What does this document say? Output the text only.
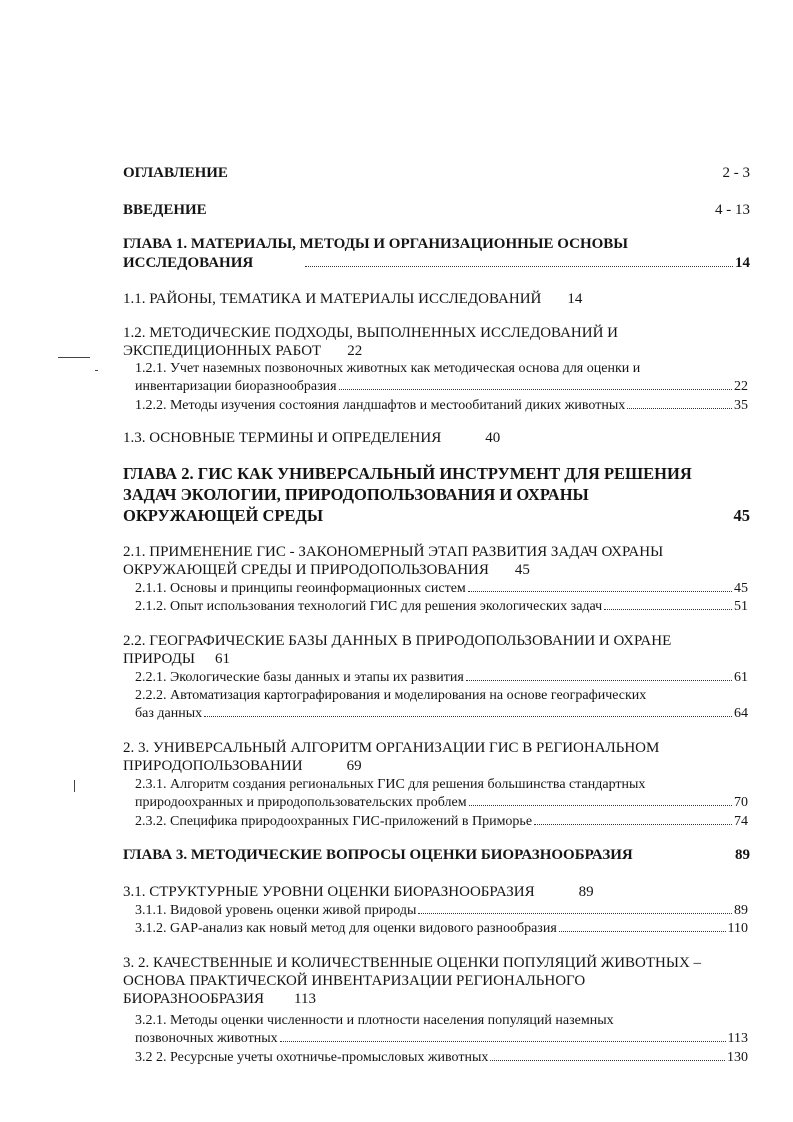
ОГЛАВЛЕНИЕ	2 - 3
ВВЕДЕНИЕ	4 - 13
ГЛАВА 1. МАТЕРИАЛЫ, МЕТОДЫ И ОРГАНИЗАЦИОННЫЕ ОСНОВЫ
ИССЛЕДОВАНИЯ	14
1.1. РАЙОНЫ, ТЕМАТИКА И МАТЕРИАЛЫ ИССЛЕДОВАНИЙ 14
1.2. МЕТОДИЧЕСКИЕ ПОДХОДЫ, ВЫПОЛНЕННЫХ ИССЛЕДОВАНИЙ И
ЭКСПЕДИЦИОННЫХ РАБОТ 22
1.2.1. Учет наземных позвоночных животных как методическая основа для оценки и
инвентаризации биоразнообразия	22
1.2.2. Методы изучения состояния ландшафтов и местообитаний диких животных	35
1.3. ОСНОВНЫЕ ТЕРМИНЫ И ОПРЕДЕЛЕНИЯ	40
ГЛАВА 2. ГИС КАК УНИВЕРСАЛЬНЫЙ ИНСТРУМЕНТ ДЛЯ РЕШЕНИЯ
ЗАДАЧ ЭКОЛОГИИ, ПРИРОДОПОЛЬЗОВАНИЯ И ОХРАНЫ
ОКРУЖАЮЩЕЙ СРЕДЫ	45
2.1. ПРИМЕНЕНИЕ ГИС - ЗАКОНОМЕРНЫЙ ЭТАП РАЗВИТИЯ ЗАДАЧ ОХРАНЫ
ОКРУЖАЮЩЕЙ СРЕДЫ И ПРИРОДОПОЛЬЗОВАНИЯ 45
2.1.1. Основы и принципы геоинформационных систем	45
2.1.2. Опыт использования технологий ГИС для решения экологических задач	51
2.2. ГЕОГРАФИЧЕСКИЕ БАЗЫ ДАННЫХ В ПРИРОДОПОЛЬЗОВАНИИ И ОХРАНЕ
ПРИРОДЫ 61
2.2.1. Экологические базы данных и этапы их развития	61
2.2.2. Автоматизация картографирования и моделирования на основе географических
баз данных	64
2. 3. УНИВЕРСАЛЬНЫЙ АЛГОРИТМ ОРГАНИЗАЦИИ ГИС В РЕГИОНАЛЬНОМ
ПРИРОДОПОЛЬЗОВАНИИ	69
2.3.1. Алгоритм создания региональных ГИС для решения большинства стандартных
природоохранных и природопользовательских проблем	70
2.3.2. Специфика природоохранных ГИС-приложений в Приморье	74
ГЛАВА 3. МЕТОДИЧЕСКИЕ ВОПРОСЫ ОЦЕНКИ БИОРАЗНООБРАЗИЯ	89
3.1. СТРУКТУРНЫЕ УРОВНИ ОЦЕНКИ БИОРАЗНООБРАЗИЯ	89
3.1.1. Видовой уровень оценки живой природы	89
3.1.2. GAP-анализ как новый метод для оценки видового разнообразия	110
3. 2. КАЧЕСТВЕННЫЕ И КОЛИЧЕСТВЕННЫЕ ОЦЕНКИ ПОПУЛЯЦИЙ ЖИВОТНЫХ –
ОСНОВА ПРАКТИЧЕСКОЙ ИНВЕНТАРИЗАЦИИ РЕГИОНАЛЬНОГО
БИОРАЗНООБРАЗИЯ 113
3.2.1. Методы оценки численности и плотности населения популяций наземных
позвоночных животных	113
3.2 2. Ресурсные учеты охотничье-промысловых животных	130
